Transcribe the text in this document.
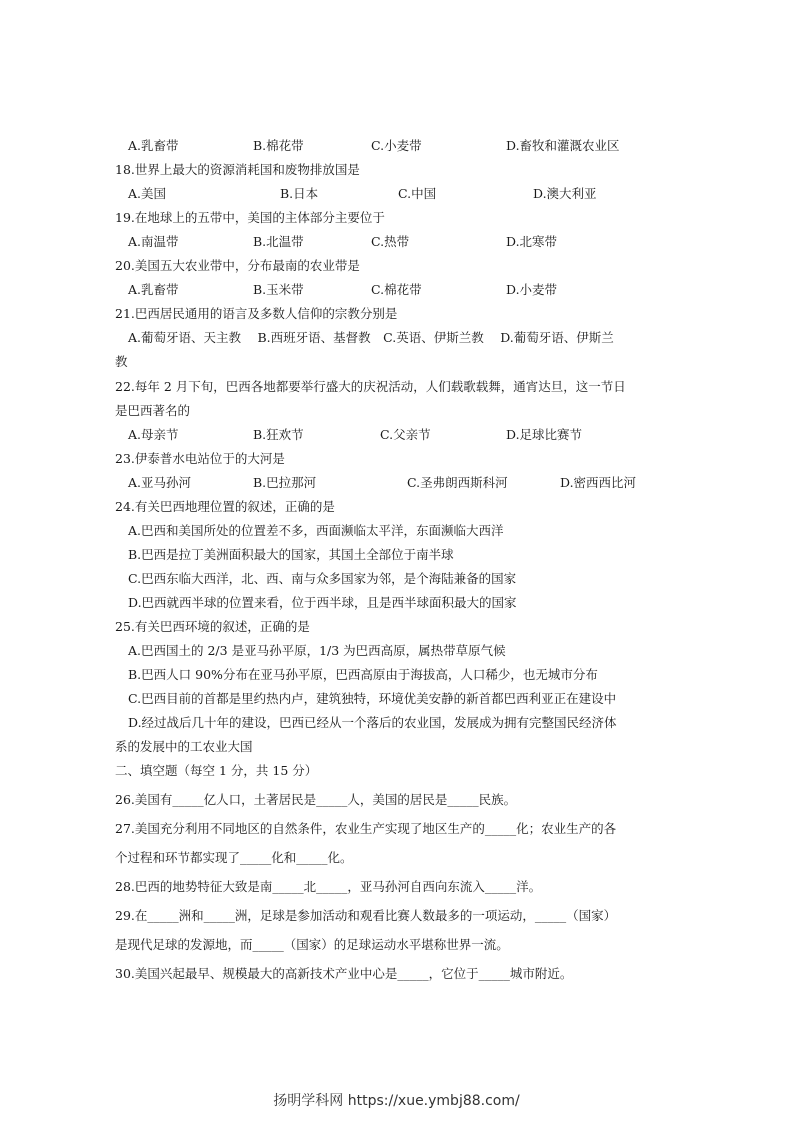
A.乳畜带	B.棉花带	C.小麦带	D.畜牧和灌溉农业区
18.世界上最大的资源消耗国和废物排放国是
A.美国	B.日本	C.中国	D.澳大利亚
19.在地球上的五带中，美国的主体部分主要位于
A.南温带	B.北温带	C.热带	D.北寒带
20.美国五大农业带中，分布最南的农业带是
A.乳畜带	B.玉米带	C.棉花带	D.小麦带
21.巴西居民通用的语言及多数人信仰的宗教分别是
A.葡萄牙语、天主教　 B.西班牙语、基督教　C.英语、伊斯兰教　 D.葡萄牙语、伊斯兰
教
22.每年 2 月下旬，巴西各地都要举行盛大的庆祝活动，人们载歌载舞，通宵达旦，这一节日
是巴西著名的
A.母亲节	B.狂欢节	C.父亲节	D.足球比赛节
23.伊泰普水电站位于的大河是
A.亚马孙河	B.巴拉那河	C.圣弗朗西斯科河	D.密西西比河
24.有关巴西地理位置的叙述，正确的是
A.巴西和美国所处的位置差不多，西面濒临太平洋，东面濒临大西洋
B.巴西是拉丁美洲面积最大的国家，其国土全部位于南半球
C.巴西东临大西洋，北、西、南与众多国家为邻，是个海陆兼备的国家
D.巴西就西半球的位置来看，位于西半球，且是西半球面积最大的国家
25.有关巴西环境的叙述，正确的是
A.巴西国土的 2/3 是亚马孙平原，1/3 为巴西高原，属热带草原气候
B.巴西人口 90%分布在亚马孙平原，巴西高原由于海拔高，人口稀少，也无城市分布
C.巴西目前的首都是里约热内卢，建筑独特，环境优美安静的新首都巴西利亚正在建设中
D.经过战后几十年的建设，巴西已经从一个落后的农业国，发展成为拥有完整国民经济体
系的发展中的工农业大国
二、填空题（每空 1 分，共 15 分）
26.美国有_____亿人口，土著居民是_____人，美国的居民是_____民族。
27.美国充分利用不同地区的自然条件，农业生产实现了地区生产的_____化；农业生产的各
个过程和环节都实现了_____化和_____化。
28.巴西的地势特征大致是南_____北_____，亚马孙河自西向东流入_____洋。
29.在_____洲和_____洲，足球是参加活动和观看比赛人数最多的一项运动，_____（国家）
是现代足球的发源地，而_____（国家）的足球运动水平堪称世界一流。
30.美国兴起最早、规模最大的高新技术产业中心是_____，它位于_____城市附近。
扬明学科网 https://xue.ymbj88.com/
